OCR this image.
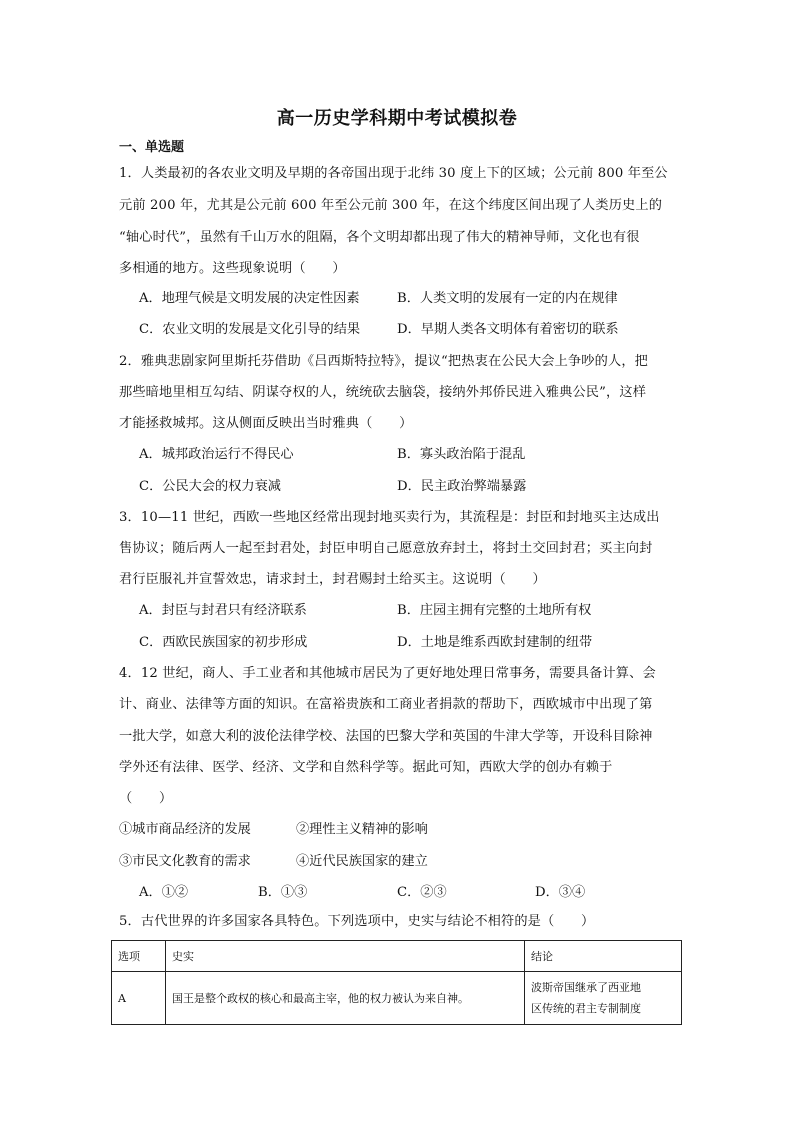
高一历史学科期中考试模拟卷
一、单选题
1．人类最初的各农业文明及早期的各帝国出现于北纬 30 度上下的区域；公元前 800 年至公
元前 200 年，尤其是公元前 600 年至公元前 300 年，在这个纬度区间出现了人类历史上的
“轴心时代”，虽然有千山万水的阻隔，各个文明却都出现了伟大的精神导师，文化也有很
多相通的地方。这些现象说明（　　）
A．地理气候是文明发展的决定性因素	B．人类文明的发展有一定的内在规律
C．农业文明的发展是文化引导的结果	D．早期人类各文明体有着密切的联系
2．雅典悲剧家阿里斯托芬借助《吕西斯特拉特》，提议“把热衷在公民大会上争吵的人，把
那些暗地里相互勾结、阴谋夺权的人，统统砍去脑袋，接纳外邦侨民进入雅典公民”，这样
才能拯救城邦。这从侧面反映出当时雅典（　　）
A．城邦政治运行不得民心	B．寡头政治陷于混乱
C．公民大会的权力衰减	D．民主政治弊端暴露
3．10—11 世纪，西欧一些地区经常出现封地买卖行为，其流程是：封臣和封地买主达成出
售协议；随后两人一起至封君处，封臣申明自己愿意放弃封土，将封土交回封君；买主向封
君行臣服礼并宣誓效忠，请求封土，封君赐封土给买主。这说明（　　）
A．封臣与封君只有经济联系	B．庄园主拥有完整的土地所有权
C．西欧民族国家的初步形成	D．土地是维系西欧封建制的纽带
4．12 世纪，商人、手工业者和其他城市居民为了更好地处理日常事务，需要具备计算、会
计、商业、法律等方面的知识。在富裕贵族和工商业者捐款的帮助下，西欧城市中出现了第
一批大学，如意大利的波伦法律学校、法国的巴黎大学和英国的牛津大学等，开设科目除神
学外还有法律、医学、经济、文学和自然科学等。据此可知，西欧大学的创办有赖于
（　　）
①城市商品经济的发展	②理性主义精神的影响
③市民文化教育的需求	④近代民族国家的建立
A．①②	B．①③	C．②③	D．③④
5．古代世界的许多国家各具特色。下列选项中，史实与结论不相符的是（　　）
选项	史实	结论
A	国王是整个政权的核心和最高主宰，他的权力被认为来自神。	波斯帝国继承了西亚地
区传统的君主专制制度
